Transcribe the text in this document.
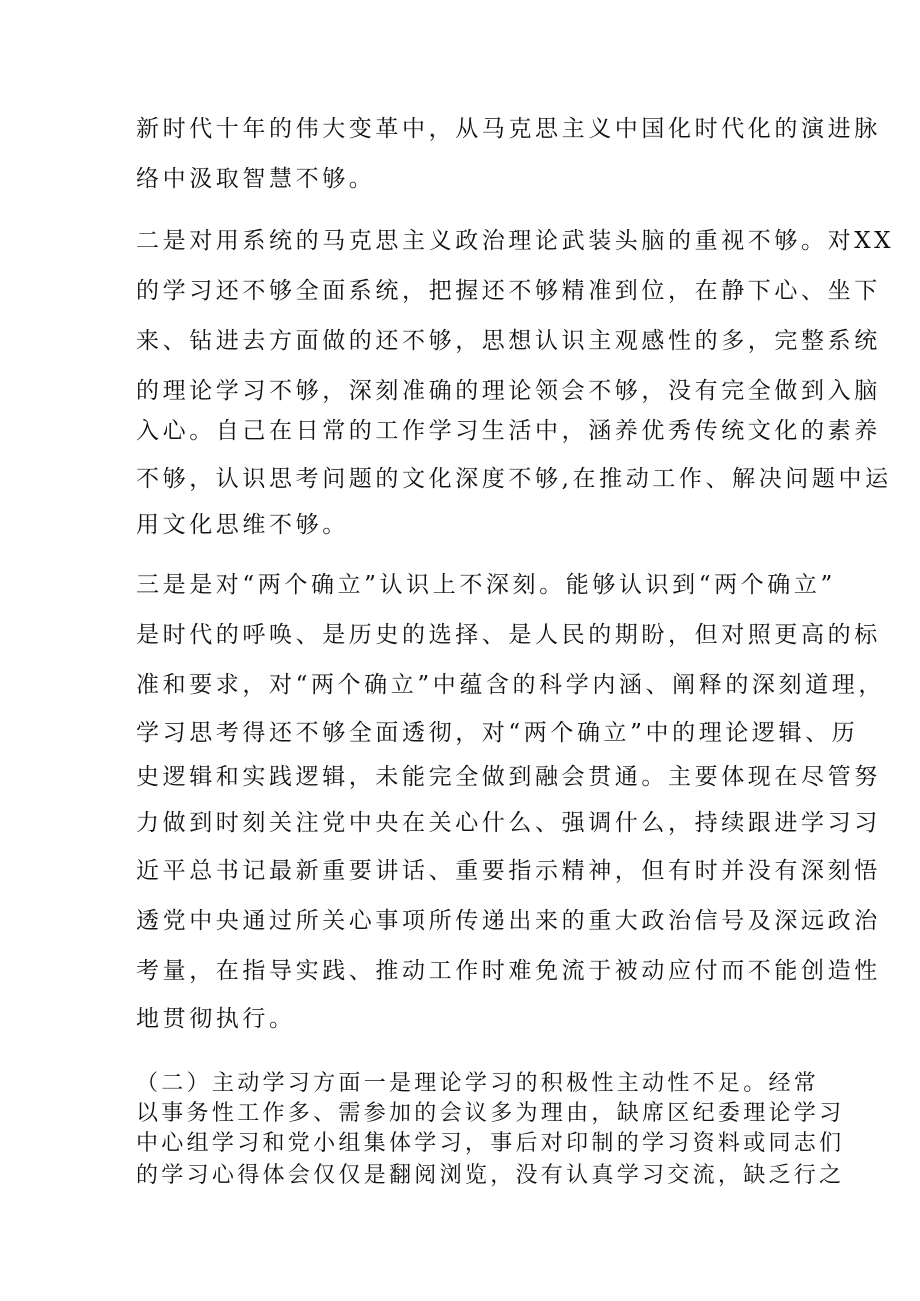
新时代十年的伟大变革中，从马克思主义中国化时代化的演进脉
络中汲取智慧不够。
二是对用系统的马克思主义政治理论武装头脑的重视不够。对XX
的学习还不够全面系统，把握还不够精准到位，在静下心、坐下
来、钻进去方面做的还不够，思想认识主观感性的多，完整系统
的理论学习不够，深刻准确的理论领会不够，没有完全做到入脑
入心。自己在日常的工作学习生活中，涵养优秀传统文化的素养
不够，认识思考问题的文化深度不够,在推动工作、解决问题中运
用文化思维不够。
三是是对“两个确立”认识上不深刻。能够认识到“两个确立”
是时代的呼唤、是历史的选择、是人民的期盼，但对照更高的标
准和要求，对“两个确立”中蕴含的科学内涵、阐释的深刻道理，
学习思考得还不够全面透彻，对“两个确立”中的理论逻辑、历
史逻辑和实践逻辑，未能完全做到融会贯通。主要体现在尽管努
力做到时刻关注党中央在关心什么、强调什么，持续跟进学习习
近平总书记最新重要讲话、重要指示精神，但有时并没有深刻悟
透党中央通过所关心事项所传递出来的重大政治信号及深远政治
考量，在指导实践、推动工作时难免流于被动应付而不能创造性
地贯彻执行。
（二）主动学习方面一是理论学习的积极性主动性不足。经常
以事务性工作多、需参加的会议多为理由，缺席区纪委理论学习
中心组学习和党小组集体学习，事后对印制的学习资料或同志们
的学习心得体会仅仅是翻阅浏览，没有认真学习交流，缺乏行之
